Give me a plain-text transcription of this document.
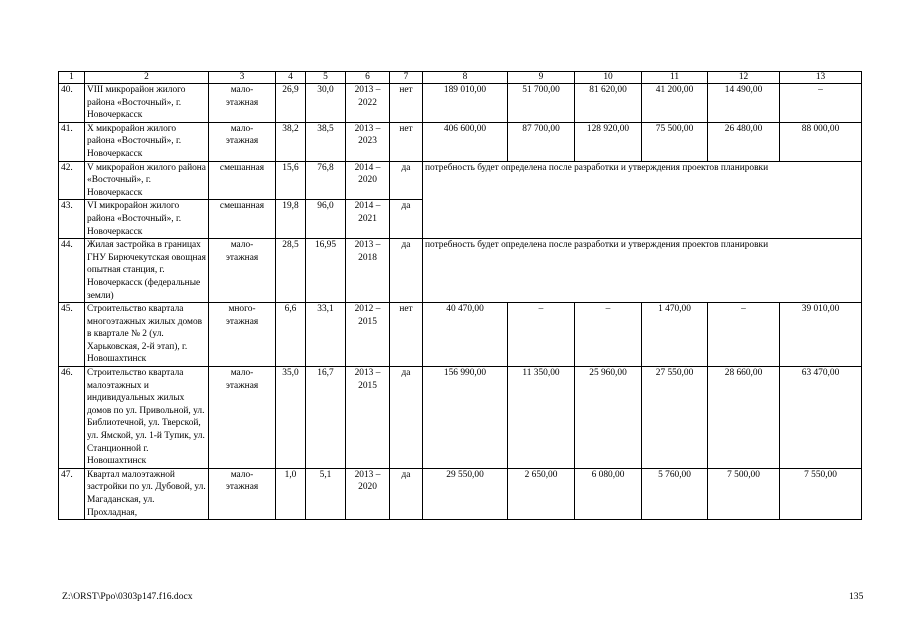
1	2	3	4	5	6	7	8	9	10	11	12	13
40.	VIII микрорайон жилого района «Восточный», г. Новочеркасск	мало-
этажная	26,9	30,0	2013 –
2022	нет	189 010,00	51 700,00	81 620,00	41 200,00	14 490,00	–
41.	X микрорайон жилого района «Восточный», г. Новочеркасск	мало-
этажная	38,2	38,5	2013 –
2023	нет	406 600,00	87 700,00	128 920,00	75 500,00	26 480,00	88 000,00
42.	V микрорайон жилого района «Восточный», г. Новочеркасск	смешанная	15,6	76,8	2014 –
2020	да	потребность будет определена после разработки и утверждения проектов планировки					
43.	VI микрорайон жилого района «Восточный», г. Новочеркасск	смешанная	19,8	96,0	2014 –
2021	да						
44.	Жилая застройка в границах ГНУ Бирючекутская овощная опытная станция, г. Новочеркасск (федеральные земли)	мало-
этажная	28,5	16,95	2013 –
2018	да	потребность будет определена после разработки и утверждения проектов планировки					
45.	Строительство квартала многоэтажных жилых домов в квартале № 2 (ул. Харьковская, 2-й этап), г. Новошахтинск	много-
этажная	6,6	33,1	2012 –
2015	нет	40 470,00	–	–	1 470,00	–	39 010,00
46.	Строительство квартала малоэтажных и индивидуальных жилых домов по ул. Привольной, ул. Библиотечной, ул. Тверской, ул. Ямской, ул. 1-й Тупик, ул. Станционной г. Новошахтинск	мало-
этажная	35,0	16,7	2013 –
2015	да	156 990,00	11 350,00	25 960,00	27 550,00	28 660,00	63 470,00
47.	Квартал малоэтажной застройки по ул. Дубовой, ул. Магаданская, ул. Прохладная,	мало-
этажная	1,0	5,1	2013 –
2020	да	29 550,00	2 650,00	6 080,00	5 760,00	7 500,00	7 550,00
Z:\ORST\Ppo\0303p147.f16.docx	135
